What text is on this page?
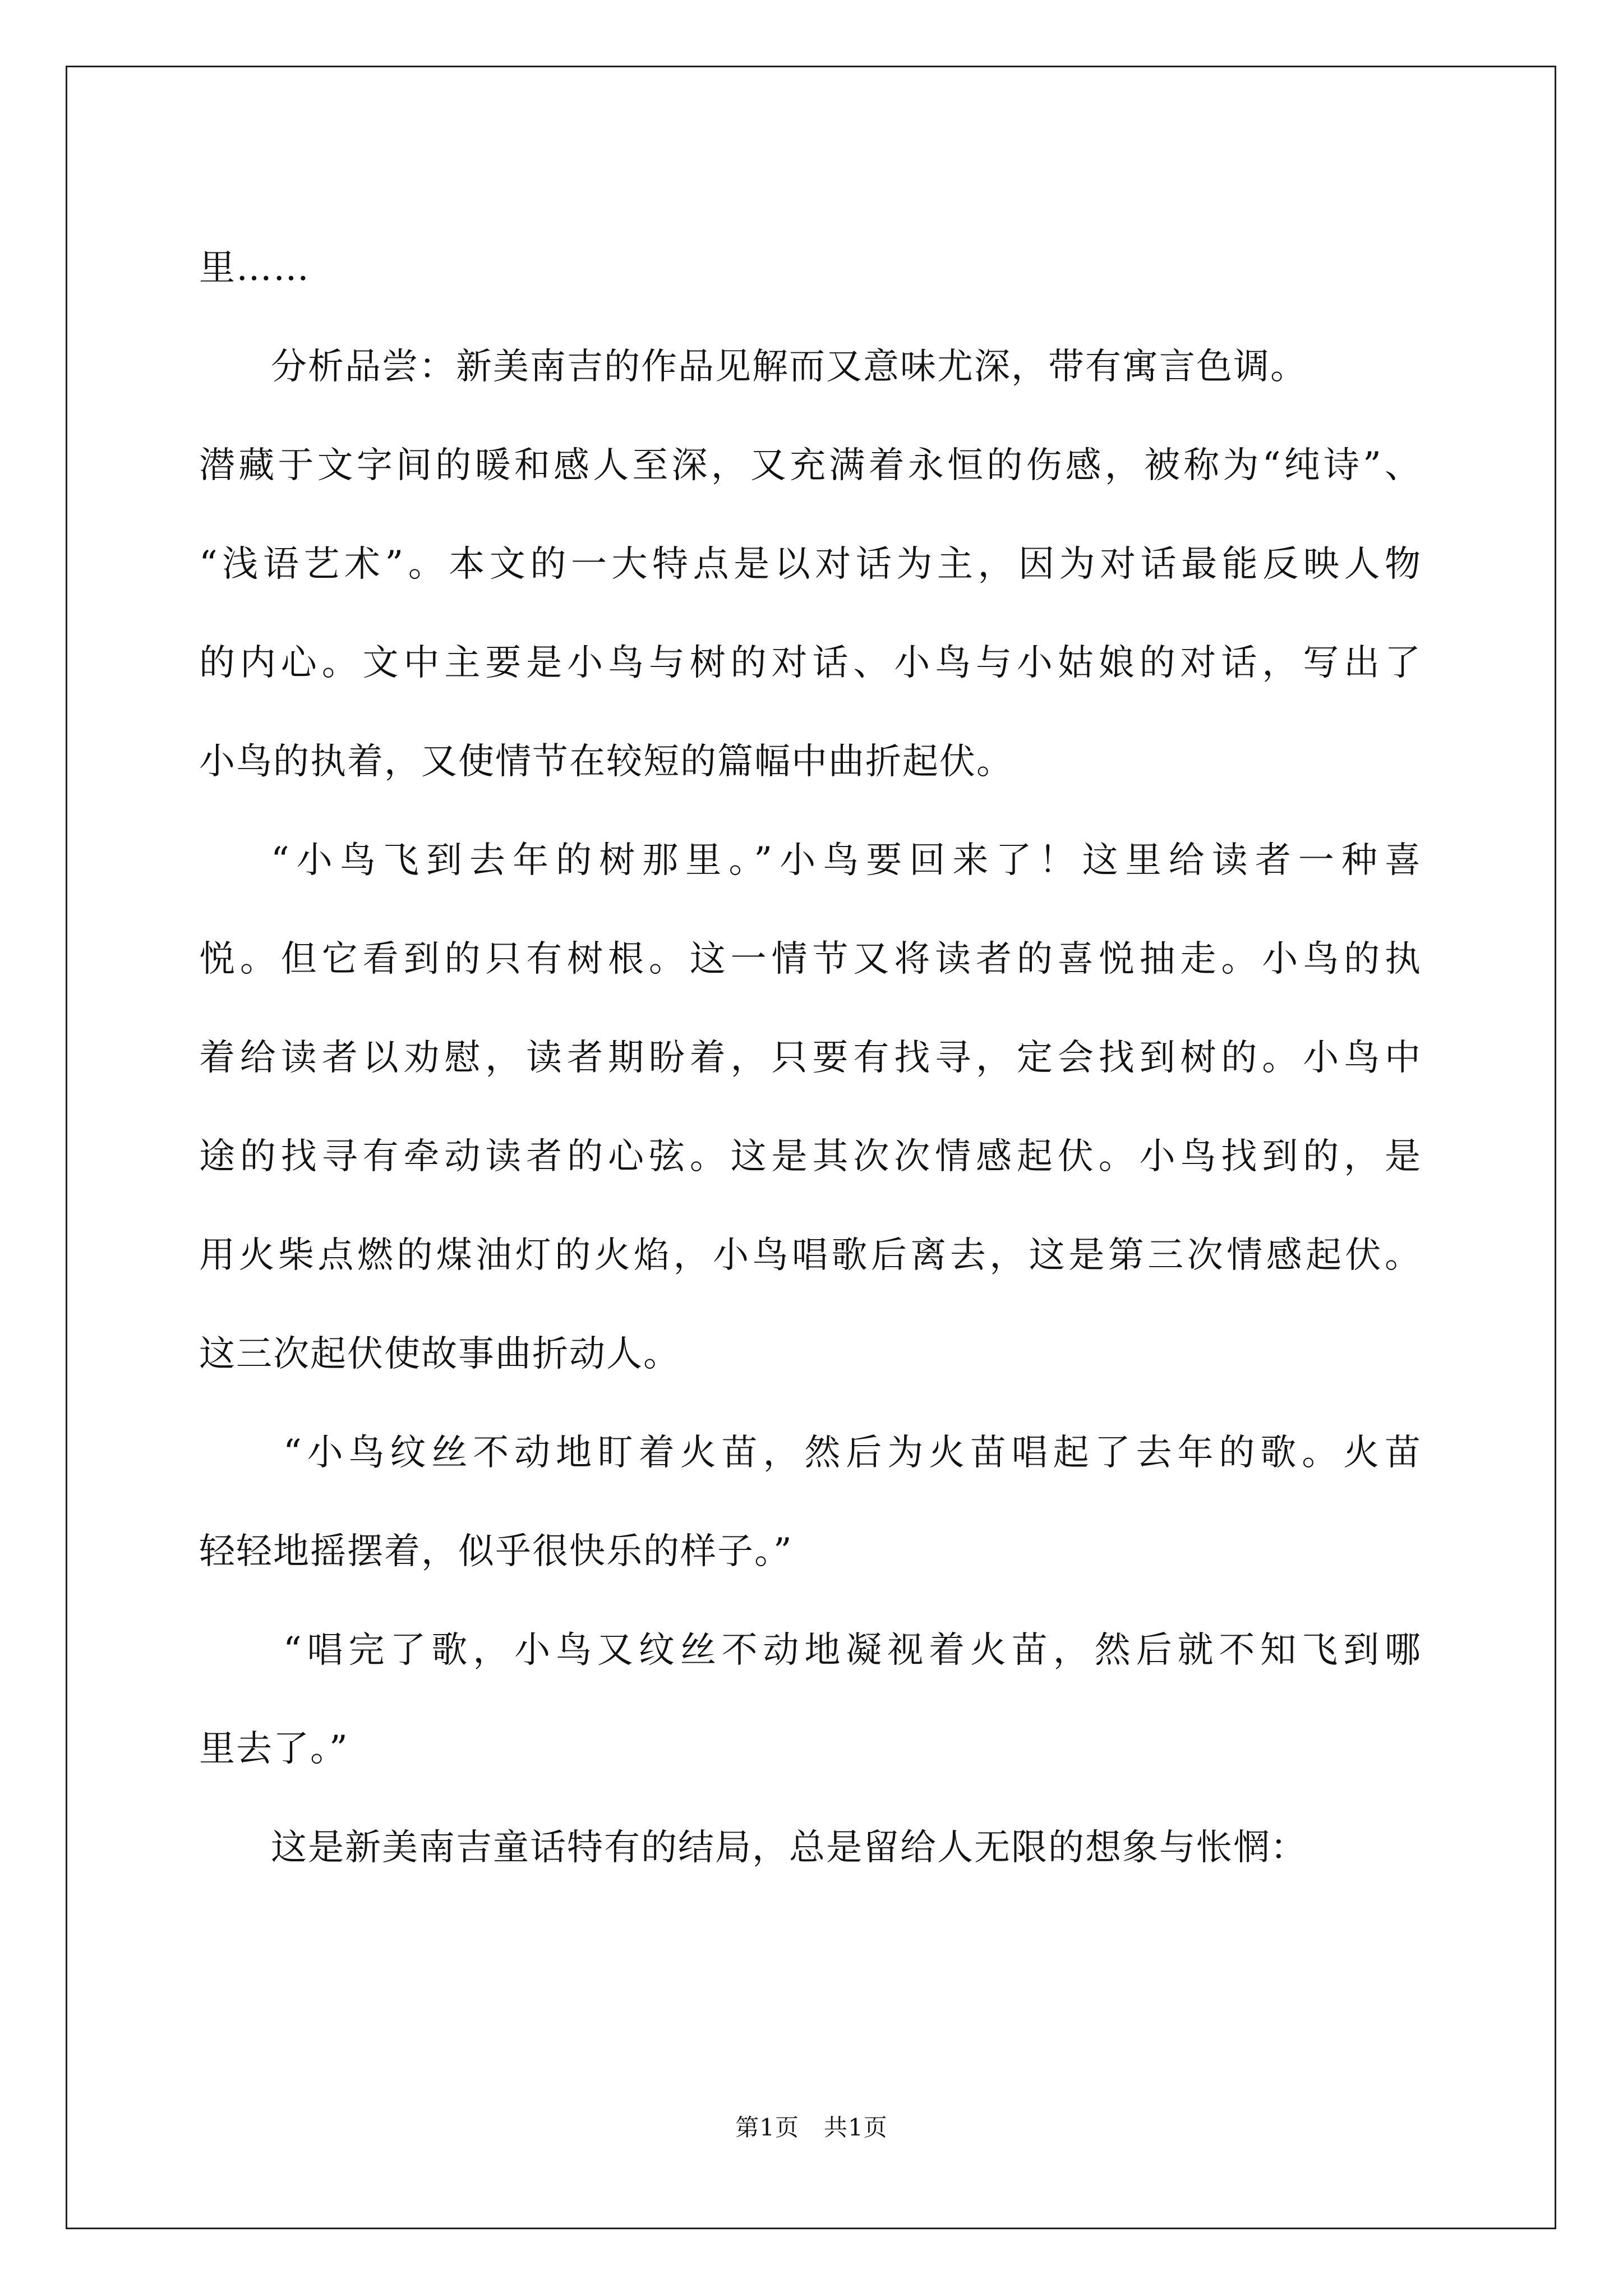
里……
分析品尝：新美南吉的作品见解而又意味尤深，带有寓言色调。
潜藏于文字间的暖和感人至深，又充满着永恒的伤感，被称为“纯诗”、
“浅语艺术”。本文的一大特点是以对话为主，因为对话最能反映人物
的内心。文中主要是小鸟与树的对话、小鸟与小姑娘的对话，写出了
小鸟的执着，又使情节在较短的篇幅中曲折起伏。
“小鸟飞到去年的树那里。”小鸟要回来了！这里给读者一种喜
悦。但它看到的只有树根。这一情节又将读者的喜悦抽走。小鸟的执
着给读者以劝慰，读者期盼着，只要有找寻，定会找到树的。小鸟中
途的找寻有牵动读者的心弦。这是其次次情感起伏。小鸟找到的，是
用火柴点燃的煤油灯的火焰，小鸟唱歌后离去，这是第三次情感起伏。
这三次起伏使故事曲折动人。
“小鸟纹丝不动地盯着火苗，然后为火苗唱起了去年的歌。火苗
轻轻地摇摆着，似乎很快乐的样子。”
“唱完了歌，小鸟又纹丝不动地凝视着火苗，然后就不知飞到哪
里去了。”
这是新美南吉童话特有的结局，总是留给人无限的想象与怅惘：
第1页 共1页
